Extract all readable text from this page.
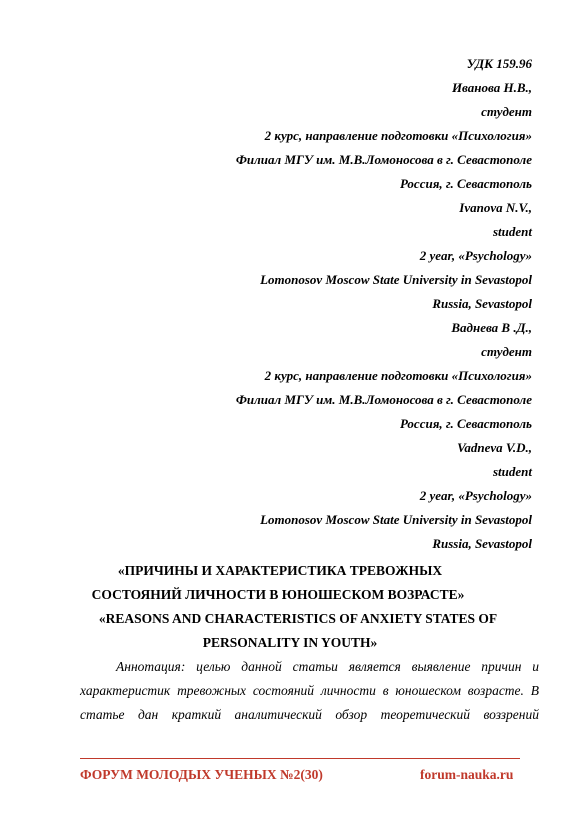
УДК 159.96
Иванова Н.В.,
студент
2 курс, направление подготовки «Психология»
Филиал МГУ им. М.В.Ломоносова в г. Севастополе
Россия, г. Севастополь
Ivanova N.V.,
student
2 year, «Psychology»
Lomonosov Moscow State University in Sevastopol
Russia, Sevastopol
Ваднева В .Д.,
студент
2 курс, направление подготовки «Психология»
Филиал МГУ им. М.В.Ломоносова в г. Севастополе
Россия, г. Севастополь
Vadneva V.D.,
student
2 year, «Psychology»
Lomonosov Moscow State University in Sevastopol
Russia, Sevastopol
«ПРИЧИНЫ И ХАРАКТЕРИСТИКА ТРЕВОЖНЫХ
СОСТОЯНИЙ ЛИЧНОСТИ В ЮНОШЕСКОМ ВОЗРАСТЕ»
«REASONS AND CHARACTERISTICS OF ANXIETY STATES OF
PERSONALITY IN YOUTH»
Аннотация: целью данной статьи является выявление причин и
характеристик тревожных состояний личности в юношеском возрасте. В
статье дан краткий аналитический обзор теоретический воззрений
ФОРУМ МОЛОДЫХ УЧЕНЫХ №2(30)	forum-nauka.ru
